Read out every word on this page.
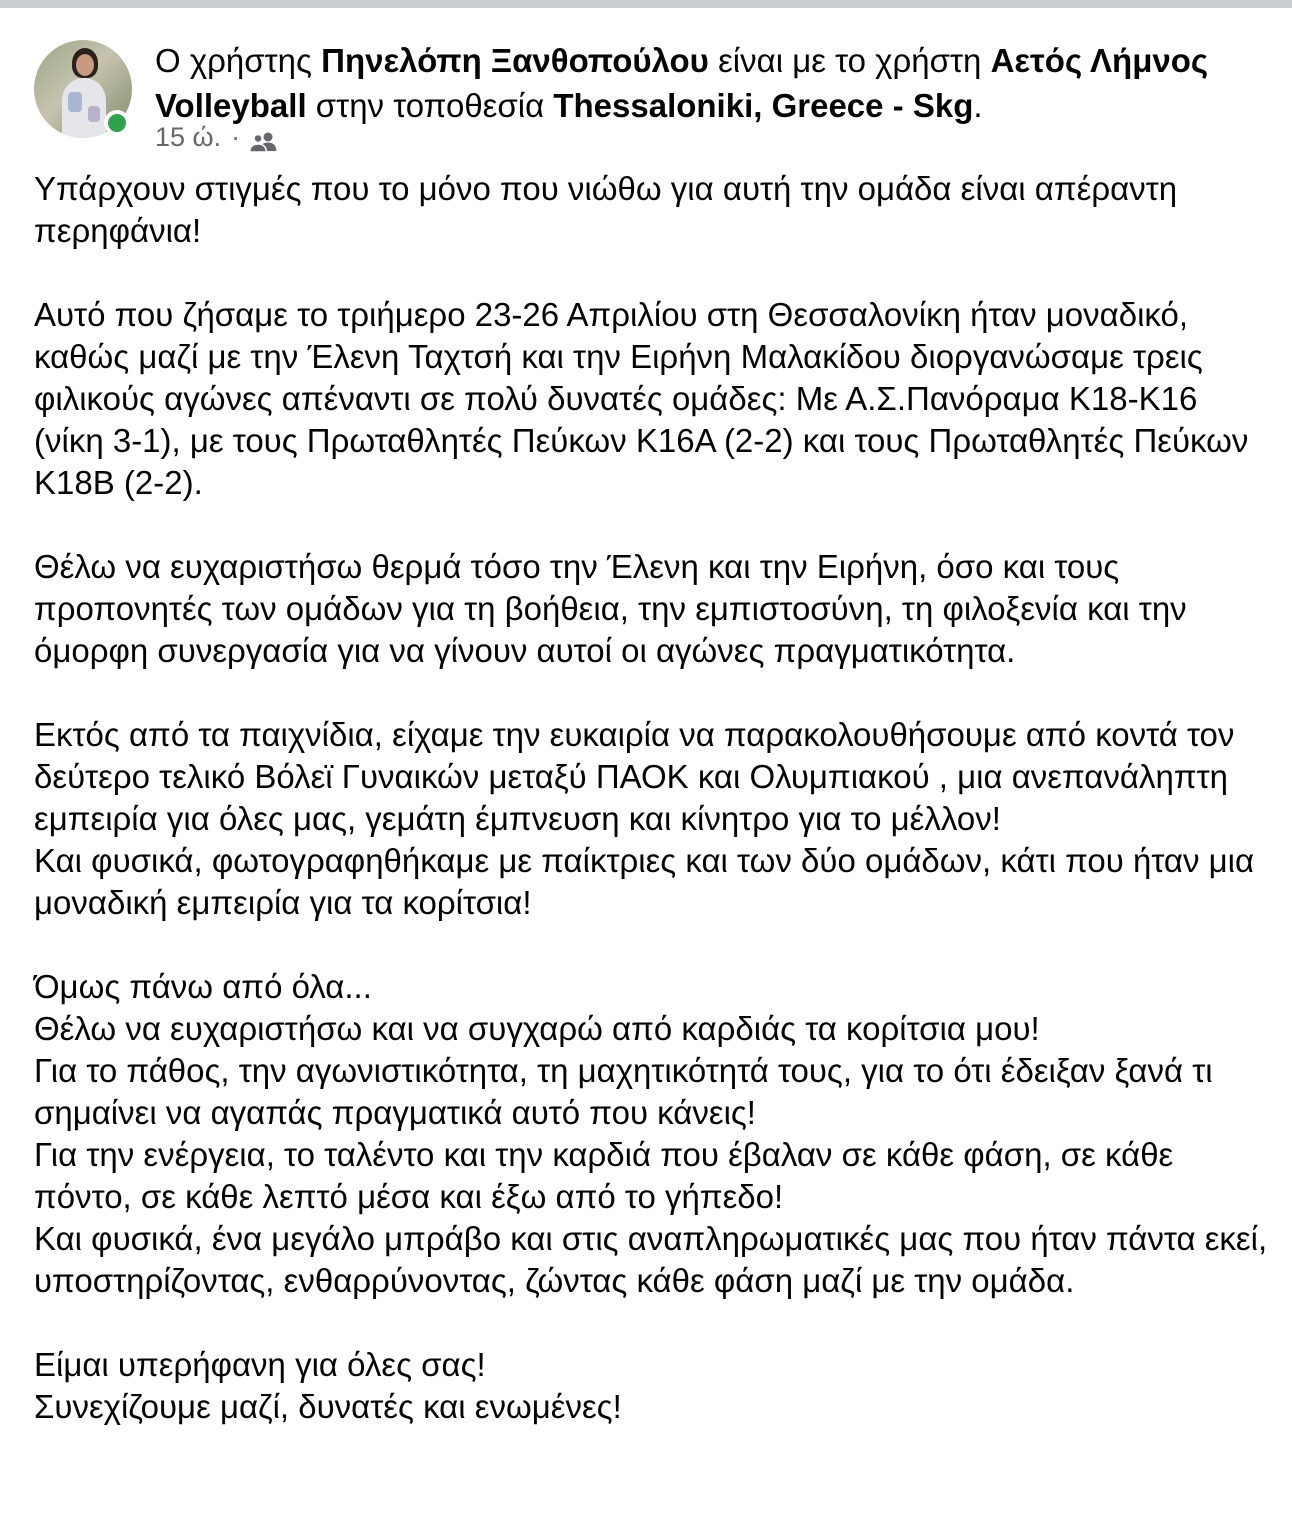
Ο χρήστης Πηνελόπη Ξανθοπούλου είναι με το χρήστη Αετός Λήμνος Volleyball στην τοποθεσία Thessaloniki, Greece - Skg.
15 ώ. ·

Υπάρχουν στιγμές που το μόνο που νιώθω για αυτή την ομάδα είναι απέραντη περηφάνια!

Αυτό που ζήσαμε το τριήμερο 23-26 Απριλίου στη Θεσσαλονίκη ήταν μοναδικό, καθώς μαζί με την Έλενη Ταχτσή και την Ειρήνη Μαλακίδου διοργανώσαμε τρεις φιλικούς αγώνες απέναντι σε πολύ δυνατές ομάδες: Με Α.Σ.Πανόραμα Κ18-Κ16 (νίκη 3-1), με τους Πρωταθλητές Πεύκων Κ16Α (2-2) και τους Πρωταθλητές Πεύκων Κ18Β (2-2).

Θέλω να ευχαριστήσω θερμά τόσο την Έλενη και την Ειρήνη, όσο και τους προπονητές των ομάδων για τη βοήθεια, την εμπιστοσύνη, τη φιλοξενία και την όμορφη συνεργασία για να γίνουν αυτοί οι αγώνες πραγματικότητα.

Εκτός από τα παιχνίδια, είχαμε την ευκαιρία να παρακολουθήσουμε από κοντά τον δεύτερο τελικό Βόλεϊ Γυναικών μεταξύ ΠΑΟΚ και Ολυμπιακού , μια ανεπανάληπτη εμπειρία για όλες μας, γεμάτη έμπνευση και κίνητρο για το μέλλον!
Και φυσικά, φωτογραφηθήκαμε με παίκτριες και των δύο ομάδων, κάτι που ήταν μια μοναδική εμπειρία για τα κορίτσια!

Όμως πάνω από όλα...
Θέλω να ευχαριστήσω και να συγχαρώ από καρδιάς τα κορίτσια μου!
Για το πάθος, την αγωνιστικότητα, τη μαχητικότητά τους, για το ότι έδειξαν ξανά τι σημαίνει να αγαπάς πραγματικά αυτό που κάνεις!
Για την ενέργεια, το ταλέντο και την καρδιά που έβαλαν σε κάθε φάση, σε κάθε πόντο, σε κάθε λεπτό μέσα και έξω από το γήπεδο!
Και φυσικά, ένα μεγάλο μπράβο και στις αναπληρωματικές μας που ήταν πάντα εκεί, υποστηρίζοντας, ενθαρρύνοντας, ζώντας κάθε φάση μαζί με την ομάδα.

Είμαι υπερήφανη για όλες σας!
Συνεχίζουμε μαζί, δυνατές και ενωμένες!
